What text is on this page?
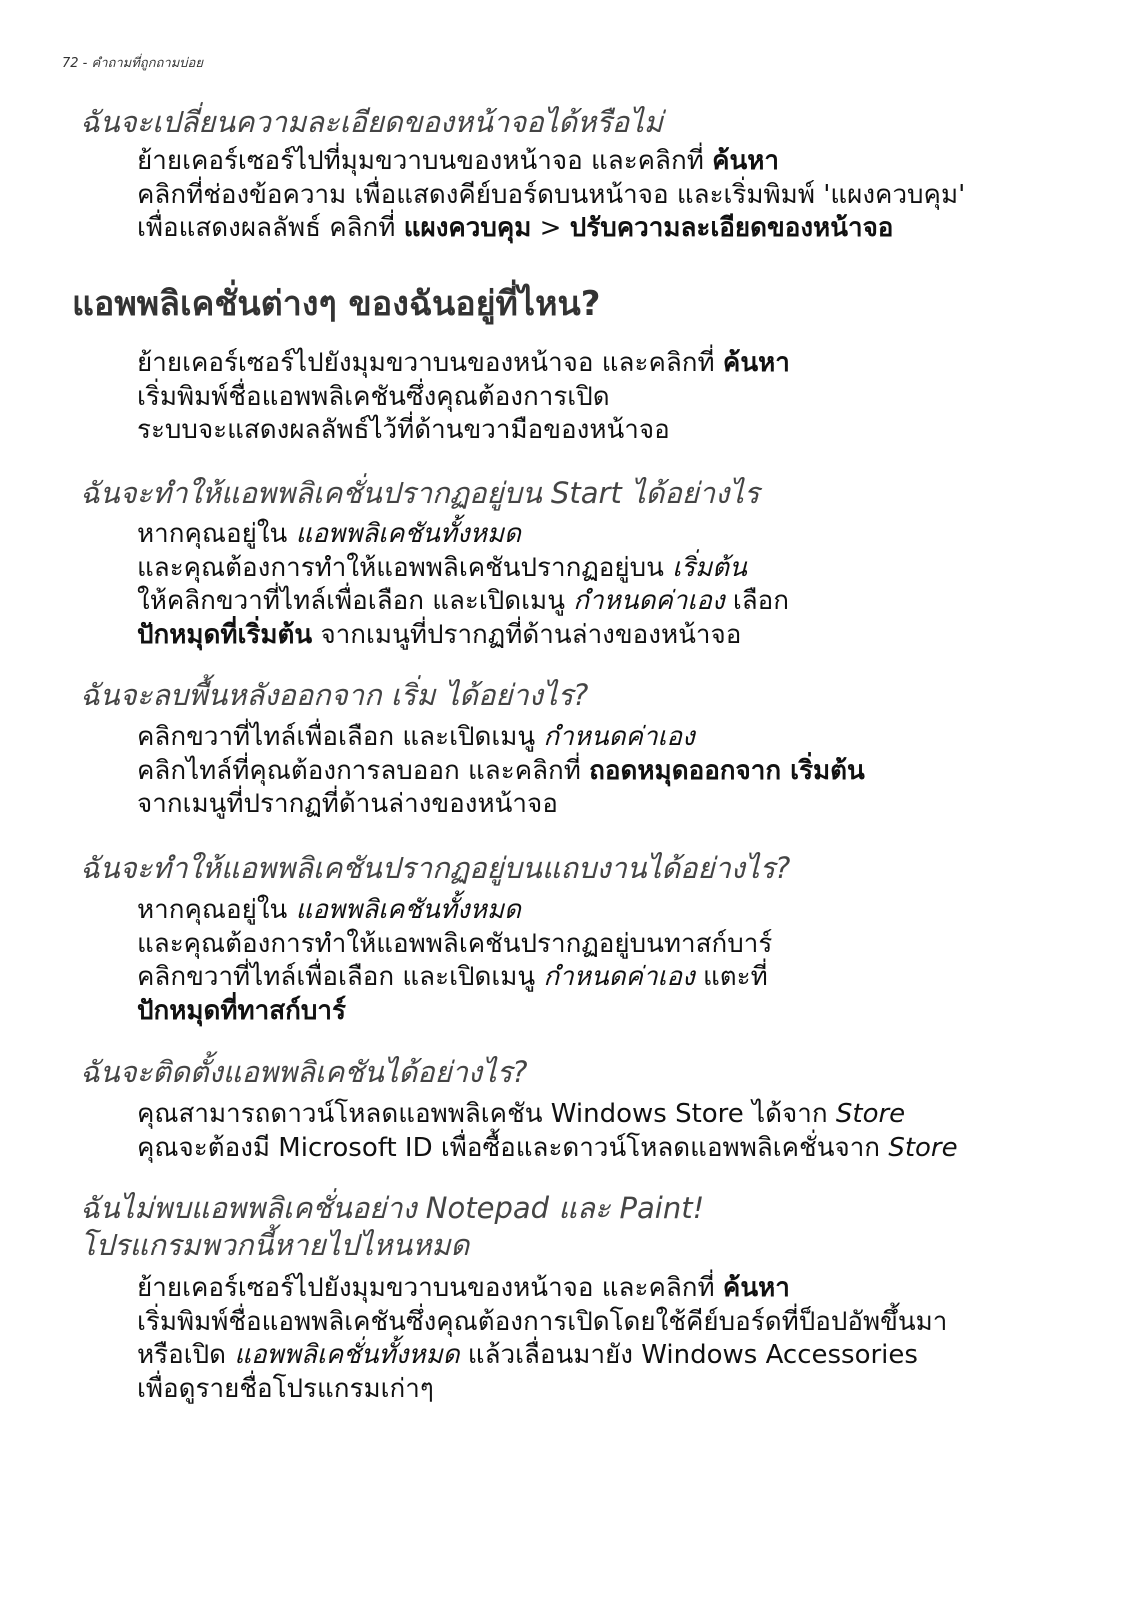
72 - คำถามที่ถูกถามบ่อย
ฉันจะเปลี่ยนความละเอียดของหน้าจอได้หรือไม่
ย้ายเคอร์เซอร์ไปที่มุมขวาบนของหน้าจอ และคลิกที่ ค้นหา
คลิกที่ช่องข้อความ เพื่อแสดงคีย์บอร์ดบนหน้าจอ และเริ่มพิมพ์ 'แผงควบคุม'
เพื่อแสดงผลลัพธ์ คลิกที่ แผงควบคุม > ปรับความละเอียดของหน้าจอ
แอพพลิเคชั่นต่างๆ ของฉันอยู่ที่ไหน?
ย้ายเคอร์เซอร์ไปยังมุมขวาบนของหน้าจอ และคลิกที่ ค้นหา
เริ่มพิมพ์ชื่อแอพพลิเคชันซึ่งคุณต้องการเปิด
ระบบจะแสดงผลลัพธ์ไว้ที่ด้านขวามือของหน้าจอ
ฉันจะทำให้แอพพลิเคชั่นปรากฏอยู่บน Start ได้อย่างไร
หากคุณอยู่ใน แอพพลิเคชันทั้งหมด
และคุณต้องการทำให้แอพพลิเคชันปรากฏอยู่บน เริ่มต้น
ให้คลิกขวาที่ไทล์เพื่อเลือก และเปิดเมนู กำหนดค่าเอง เลือก
ปักหมุดที่เริ่มต้น จากเมนูที่ปรากฏที่ด้านล่างของหน้าจอ
ฉันจะลบพื้นหลังออกจาก เริ่ม ได้อย่างไร?
คลิกขวาที่ไทล์เพื่อเลือก และเปิดเมนู กำหนดค่าเอง
คลิกไทล์ที่คุณต้องการลบออก และคลิกที่ ถอดหมุดออกจาก เริ่มต้น
จากเมนูที่ปรากฏที่ด้านล่างของหน้าจอ
ฉันจะทำให้แอพพลิเคชันปรากฏอยู่บนแถบงานได้อย่างไร?
หากคุณอยู่ใน แอพพลิเคชันทั้งหมด
และคุณต้องการทำให้แอพพลิเคชันปรากฏอยู่บนทาสก์บาร์
คลิกขวาที่ไทล์เพื่อเลือก และเปิดเมนู กำหนดค่าเอง แตะที่
ปักหมุดที่ทาสก์บาร์
ฉันจะติดตั้งแอพพลิเคชันได้อย่างไร?
คุณสามารถดาวน์โหลดแอพพลิเคชัน Windows Store ได้จาก Store
คุณจะต้องมี Microsoft ID เพื่อซื้อและดาวน์โหลดแอพพลิเคชั่นจาก Store
ฉันไม่พบแอพพลิเคชั่นอย่าง Notepad และ Paint!
โปรแกรมพวกนี้หายไปไหนหมด
ย้ายเคอร์เซอร์ไปยังมุมขวาบนของหน้าจอ และคลิกที่ ค้นหา
เริ่มพิมพ์ชื่อแอพพลิเคชันซึ่งคุณต้องการเปิดโดยใช้คีย์บอร์ดที่ป็อปอัพขึ้นมา
หรือเปิด แอพพลิเคชั่นทั้งหมด แล้วเลื่อนมายัง Windows Accessories
เพื่อดูรายชื่อโปรแกรมเก่าๆ
